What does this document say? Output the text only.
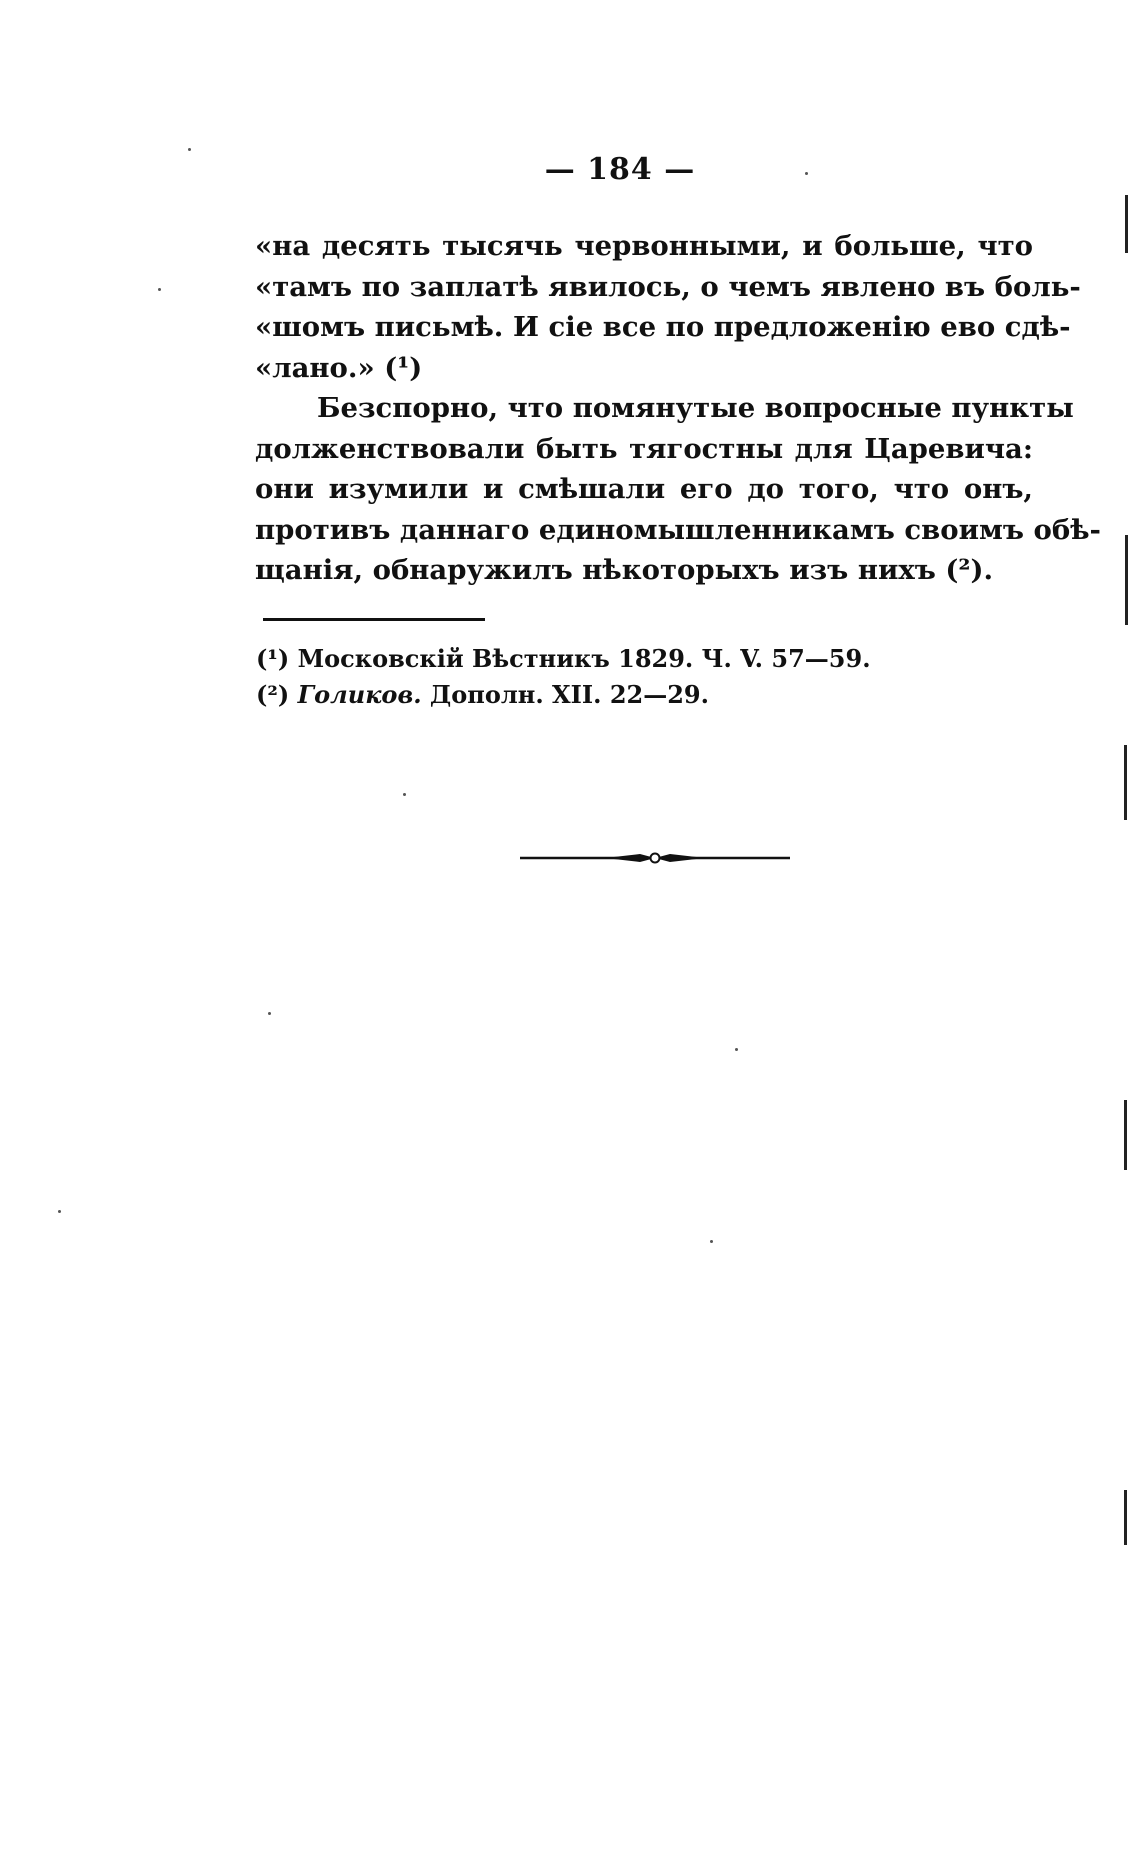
— 184 —
«на десять тысячь червонными, и больше, что
«тамъ по заплатѣ явилось, о чемъ явлено въ боль-
«шомъ письмѣ. И сіе все по предложенію ево сдѣ-
«лано.» (¹)
Безспорно, что помянутые вопросные пункты
долженствовали быть тягостны для Царевича:
они изумили и смѣшали его до того, что онъ,
противъ даннаго единомышленникамъ своимъ обѣ-
щанія, обнаружилъ нѣкоторыхъ изъ нихъ (²).
(¹) Московскій Вѣстникъ 1829. Ч. V. 57—59.
(²) Голиков. Дополн. XII. 22—29.
